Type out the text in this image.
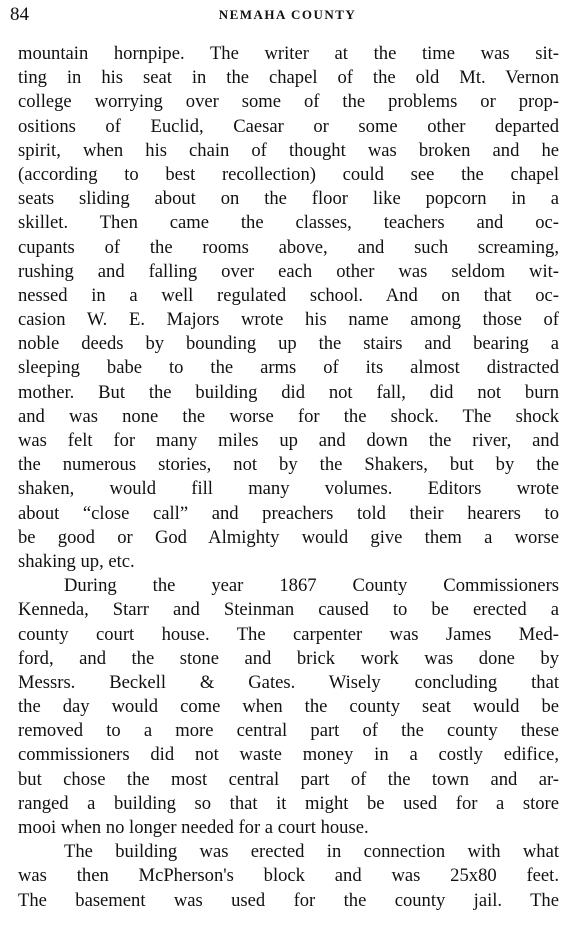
84	NEMAHA COUNTY
mountain hornpipe. The writer at the time was sit-
ting in his seat in the chapel of the old Mt. Vernon
college worrying over some of the problems or prop-
ositions of Euclid, Caesar or some other departed
spirit, when his chain of thought was broken and he
(according to best recollection) could see the chapel
seats sliding about on the floor like popcorn in a
skillet. Then came the classes, teachers and oc-
cupants of the rooms above, and such screaming,
rushing and falling over each other was seldom wit-
nessed in a well regulated school. And on that oc-
casion W. E. Majors wrote his name among those of
noble deeds by bounding up the stairs and bearing a
sleeping babe to the arms of its almost distracted
mother. But the building did not fall, did not burn
and was none the worse for the shock. The shock
was felt for many miles up and down the river, and
the numerous stories, not by the Shakers, but by the
shaken, would fill many volumes. Editors wrote
about “close call” and preachers told their hearers to
be good or God Almighty would give them a worse
shaking up, etc.
During the year 1867 County Commissioners
Kenneda, Starr and Steinman caused to be erected a
county court house. The carpenter was James Med-
ford, and the stone and brick work was done by
Messrs. Beckell & Gates. Wisely concluding that
the day would come when the county seat would be
removed to a more central part of the county these
commissioners did not waste money in a costly edifice,
but chose the most central part of the town and ar-
ranged a building so that it might be used for a store
mooi when no longer needed for a court house.
The building was erected in connection with what
was then McPherson's block and was 25x80 feet.
The basement was used for the county jail. The
